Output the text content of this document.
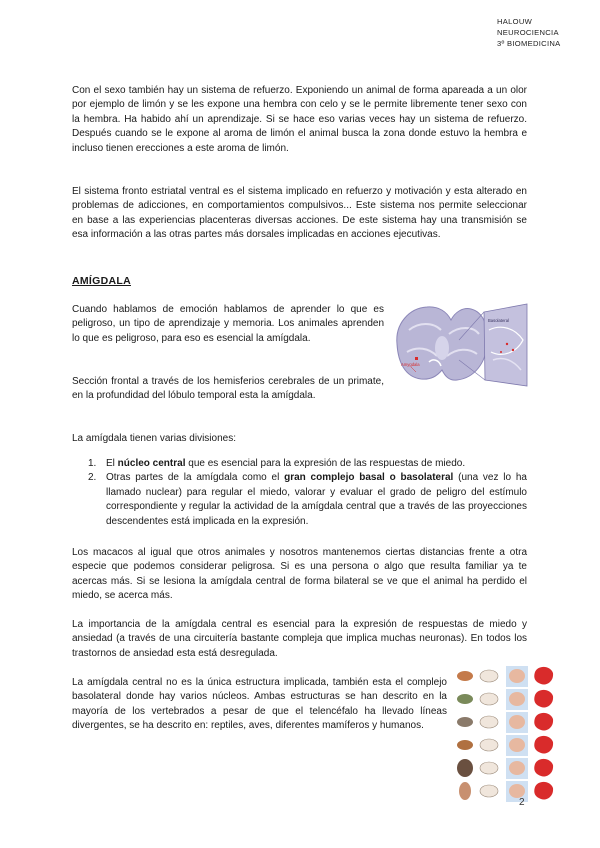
HALOUW
NEUROCIENCIA
3º BIOMEDICINA

Con el sexo también hay un sistema de refuerzo. Exponiendo un animal de forma apareada a un olor por ejemplo de limón y se les expone una hembra con celo y se le permite libremente tener sexo con la hembra. Ha habido ahí un aprendizaje. Si se hace eso varias veces hay un sistema de refuerzo. Después cuando se le expone al aroma de limón el animal busca la zona donde estuvo la hembra e incluso tienen erecciones a este aroma de limón.

El sistema fronto estriatal ventral es el sistema implicado en refuerzo y motivación y esta alterado en problemas de adicciones, en comportamientos compulsivos... Este sistema nos permite seleccionar en base a las experiencias placenteras diversas acciones. De este sistema hay una transmisión se esa información a las otras partes más dorsales implicadas en acciones ejecutivas.

AMÍGDALA

Cuando hablamos de emoción hablamos de aprender lo que es peligroso, un tipo de aprendizaje y memoria. Los animales aprenden lo que es peligroso, para eso es esencial la amígdala.

Sección frontal a través de los hemisferios cerebrales de un primate, en la profundidad del lóbulo temporal esta la amígdala.

Amygdala
Basolateral

La amígdala tienen varias divisiones:

1. El núcleo central que es esencial para la expresión de las respuestas de miedo.
2. Otras partes de la amígdala como el gran complejo basal o basolateral (una vez lo ha llamado nuclear) para regular el miedo, valorar y evaluar el grado de peligro del estímulo correspondiente y regular la actividad de la amígdala central que a través de las proyecciones descendentes está implicada en la expresión.

Los macacos al igual que otros animales y nosotros mantenemos ciertas distancias frente a otra especie que podemos considerar peligrosa. Si es una persona o algo que resulta familiar ya te acercas más. Si se lesiona la amígdala central de forma bilateral se ve que el animal ha perdido el miedo, se acerca más.

La importancia de la amígdala central es esencial para la expresión de respuestas de miedo y ansiedad (a través de una circuitería bastante compleja que implica muchas neuronas). En todos los trastornos de ansiedad esta está desregulada.

La amígdala central no es la única estructura implicada, también esta el complejo basolateral donde hay varios núcleos. Ambas estructuras se han descrito en la mayoría de los vertebrados a pesar de que el telencéfalo ha llevado líneas divergentes, se ha descrito en: reptiles, aves, diferentes mamíferos y humanos.

2
